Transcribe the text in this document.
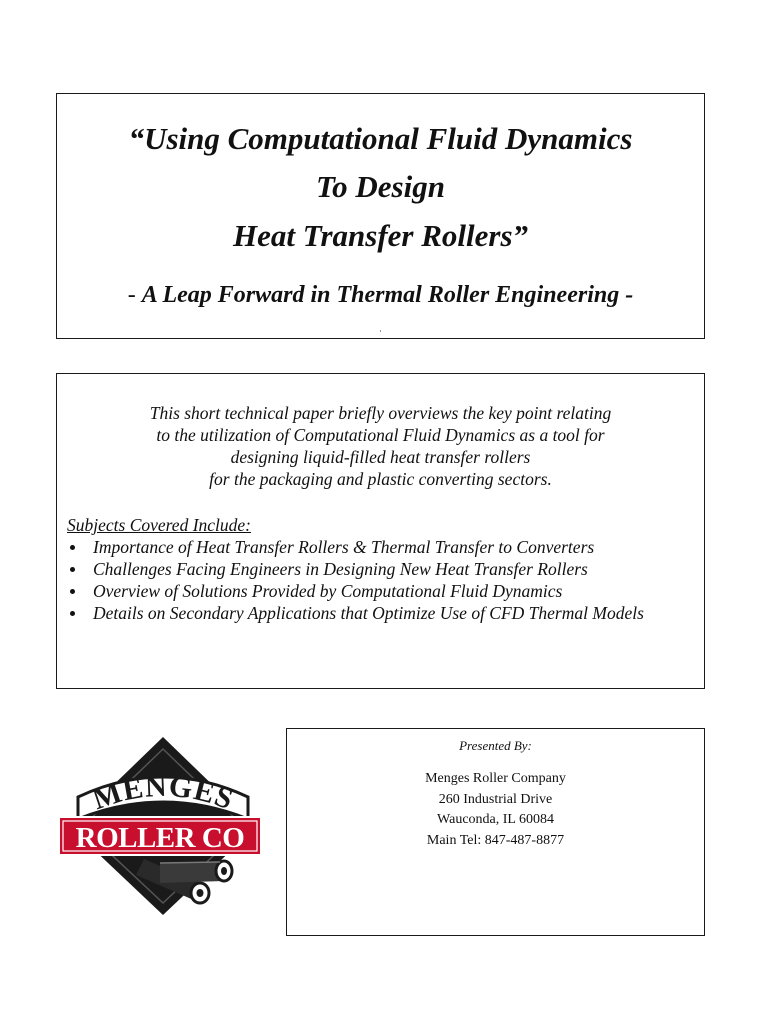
“Using Computational Fluid Dynamics
To Design
Heat Transfer Rollers”
- A Leap Forward in Thermal Roller Engineering -
This short technical paper briefly overviews the key point relating
to the utilization of Computational Fluid Dynamics as a tool for
designing liquid-filled heat transfer rollers
for the packaging and plastic converting sectors.
Subjects Covered Include:
Importance of Heat Transfer Rollers & Thermal Transfer to Converters
Challenges Facing Engineers in Designing New Heat Transfer Rollers
Overview of Solutions Provided by Computational Fluid Dynamics
Details on Secondary Applications that Optimize Use of CFD Thermal Models
MENGES
ROLLER CO
Presented By:
Menges Roller Company
260 Industrial Drive
Wauconda, IL 60084
Main Tel: 847-487-8877
